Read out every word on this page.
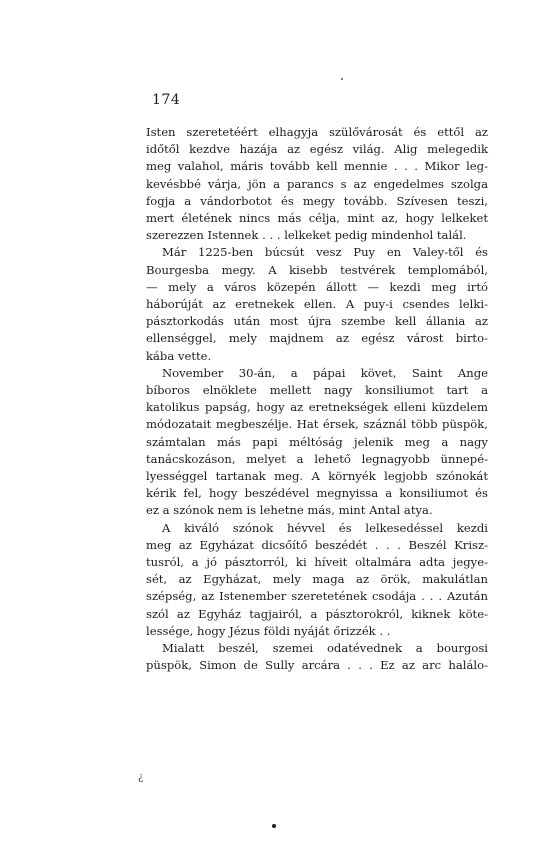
174
Isten szeretetéért elhagyja szülővárosát és ettől az
időtől kezdve hazája az egész világ. Alig melegedik
meg valahol, máris tovább kell mennie . . . Mikor leg-
kevésbbé várja, jön a parancs s az engedelmes szolga
fogja a vándorbotot és megy tovább. Szívesen teszi,
mert életének nincs más célja, mint az, hogy lelkeket
szerezzen Istennek . . . lelkeket pedig mindenhol talál.
Már 1225-ben búcsút vesz Puy en Valey-től és
Bourgesba megy. A kisebb testvérek templomából,
— mely a város közepén állott — kezdi meg irtó
háborúját az eretnekek ellen. A puy-i csendes lelki-
pásztorkodás után most újra szembe kell állania az
ellenséggel, mely majdnem az egész várost birto-
kába vette.
November 30-án, a pápai követ, Saint Ange
bíboros elnöklete mellett nagy konsiliumot tart a
katolikus papság, hogy az eretnekségek elleni küzdelem
módozatait megbeszélje. Hat érsek, száznál több püspök,
számtalan más papi méltóság jelenik meg a nagy
tanácskozáson, melyet a lehető legnagyobb ünnepé-
lyességgel tartanak meg. A környék legjobb szónokát
kérik fel, hogy beszédével megnyissa a konsiliumot és
ez a szónok nem is lehetne más, mint Antal atya.
A kiváló szónok hévvel és lelkesedéssel kezdi
meg az Egyházat dicsőítő beszédét . . . Beszél Krisz-
tusról, a jó pásztorról, ki híveit oltalmára adta jegye-
sét, az Egyházat, mely maga az örök, makulátlan
szépség, az Istenember szeretetének csodája . . . Azután
szól az Egyház tagjairól, a pásztorokról, kiknek köte-
lessége, hogy Jézus földi nyáját őrizzék . .
Mialatt beszél, szemei odatévednek a bourgosi
püspök, Simon de Sully arcára . . . Ez az arc halálo-
¿
